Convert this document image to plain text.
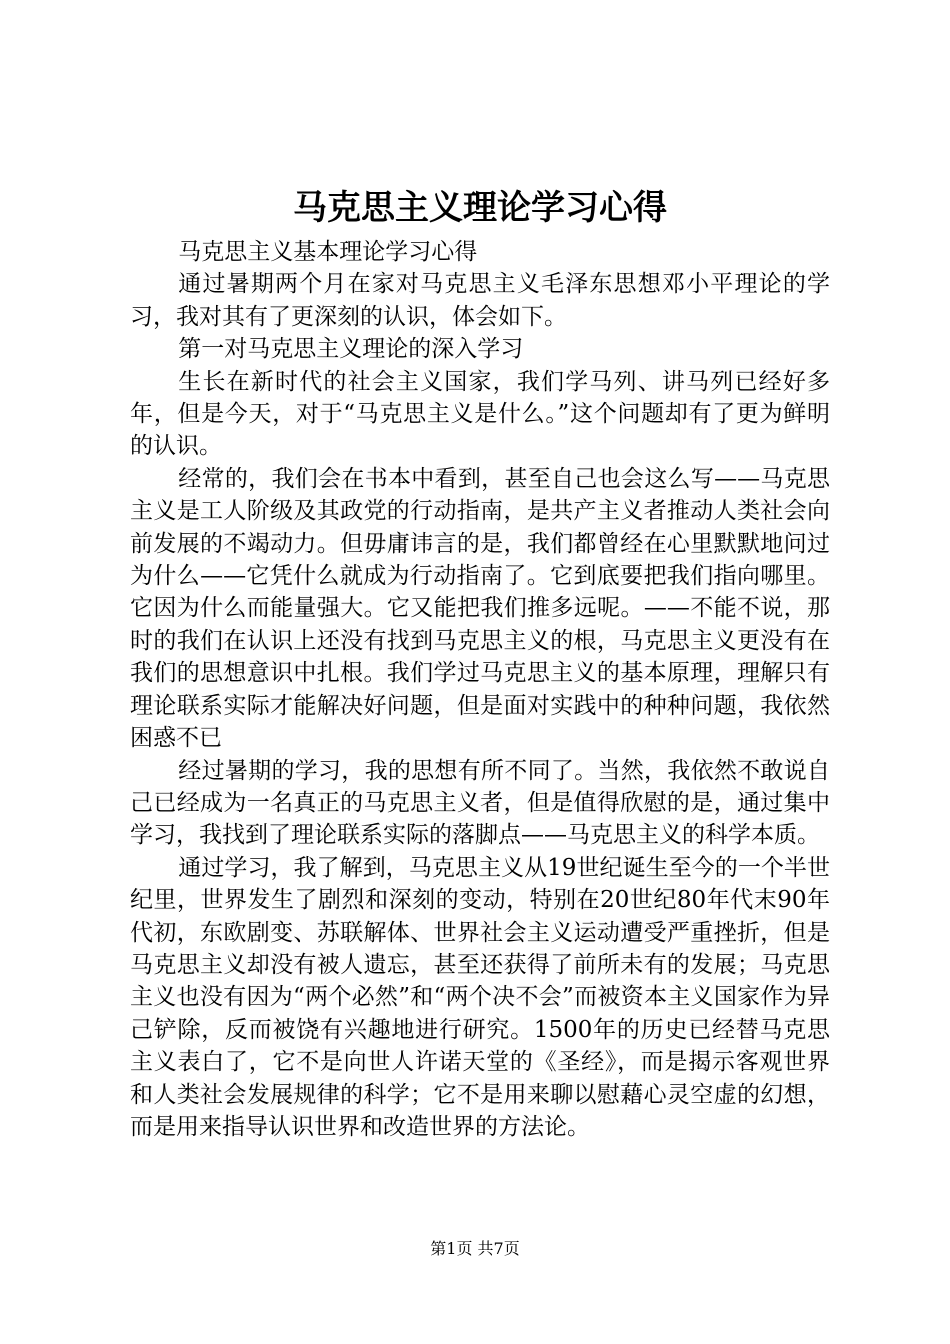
马克思主义理论学习心得

马克思主义基本理论学习心得

通过暑期两个月在家对马克思主义毛泽东思想邓小平理论的学习，我对其有了更深刻的认识，体会如下。

第一对马克思主义理论的深入学习

生长在新时代的社会主义国家，我们学马列、讲马列已经好多年，但是今天，对于“马克思主义是什么。”这个问题却有了更为鲜明的认识。

经常的，我们会在书本中看到，甚至自己也会这么写——马克思主义是工人阶级及其政党的行动指南，是共产主义者推动人类社会向前发展的不竭动力。但毋庸讳言的是，我们都曾经在心里默默地问过为什么——它凭什么就成为行动指南了。它到底要把我们指向哪里。它因为什么而能量强大。它又能把我们推多远呢。——不能不说，那时的我们在认识上还没有找到马克思主义的根，马克思主义更没有在我们的思想意识中扎根。我们学过马克思主义的基本原理，理解只有理论联系实际才能解决好问题，但是面对实践中的种种问题，我依然困惑不已

经过暑期的学习，我的思想有所不同了。当然，我依然不敢说自己已经成为一名真正的马克思主义者，但是值得欣慰的是，通过集中学习，我找到了理论联系实际的落脚点——马克思主义的科学本质。

通过学习，我了解到，马克思主义从19世纪诞生至今的一个半世纪里，世界发生了剧烈和深刻的变动，特别在20世纪80年代末90年代初，东欧剧变、苏联解体、世界社会主义运动遭受严重挫折，但是马克思主义却没有被人遗忘，甚至还获得了前所未有的发展；马克思主义也没有因为“两个必然”和“两个决不会”而被资本主义国家作为异己铲除，反而被饶有兴趣地进行研究。1500年的历史已经替马克思主义表白了，它不是向世人许诺天堂的《圣经》，而是揭示客观世界和人类社会发展规律的科学；它不是用来聊以慰藉心灵空虚的幻想，而是用来指导认识世界和改造世界的方法论。

第1页 共7页
